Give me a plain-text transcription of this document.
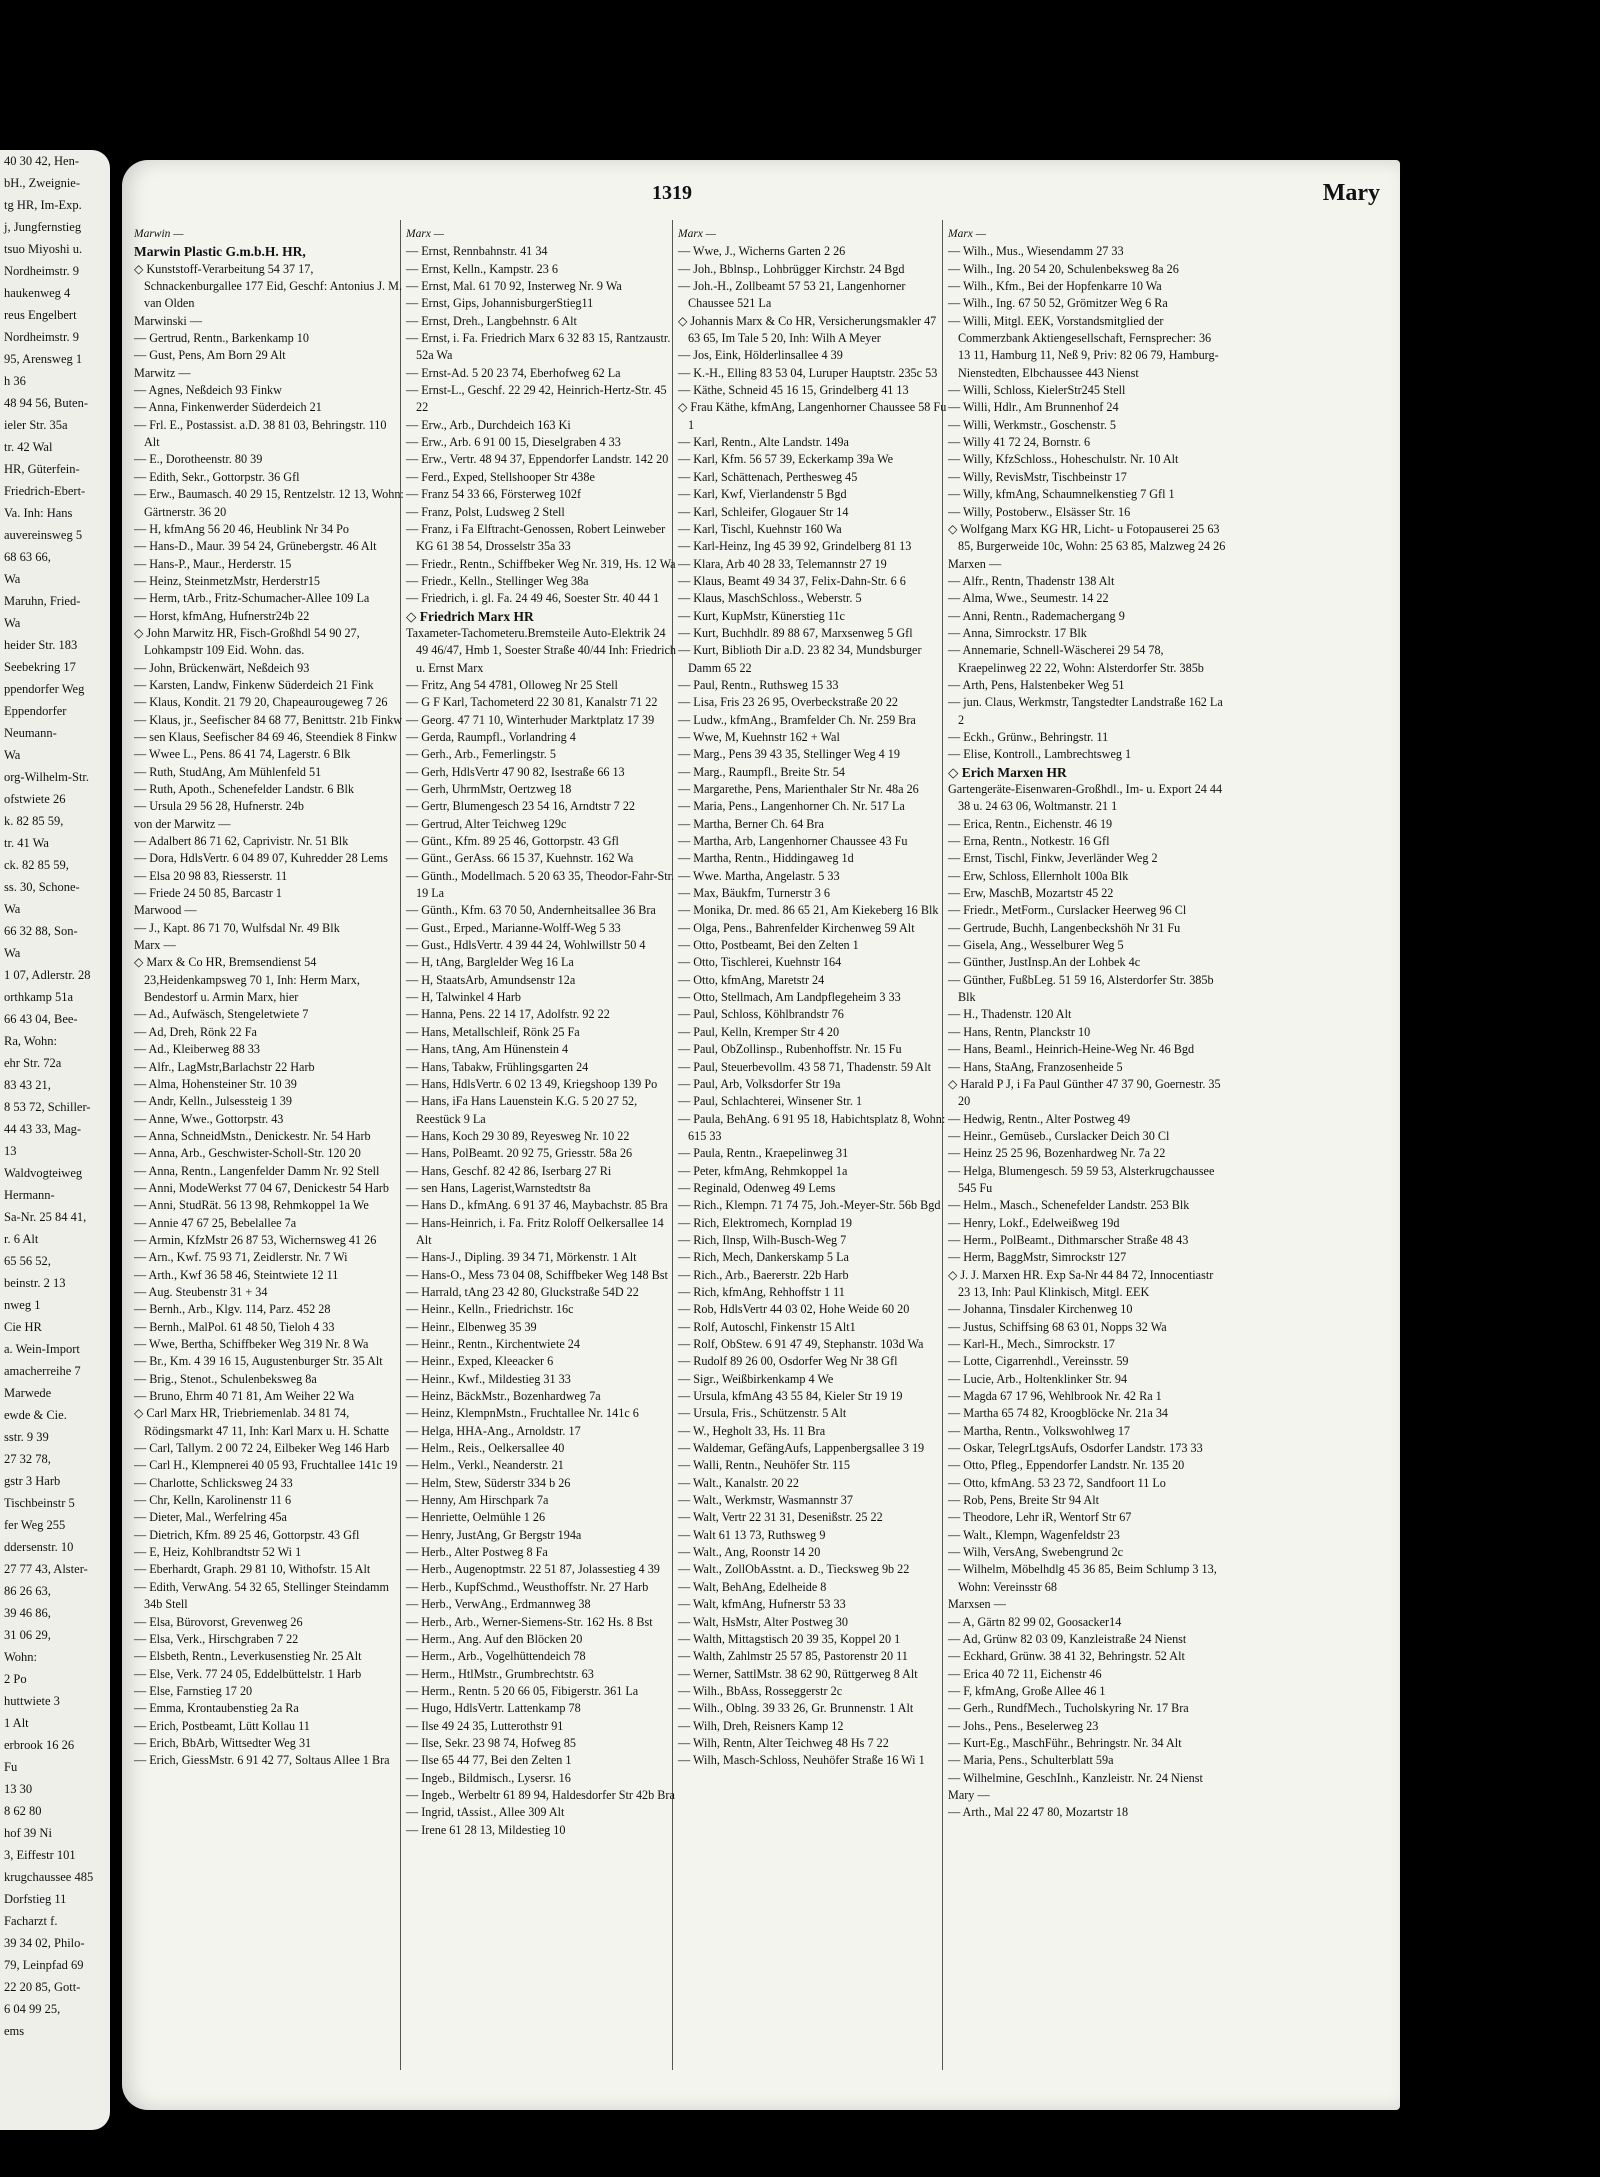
40 30 42, Hen-
bH., Zweignie-
tg HR, Im-Exp.
j, Jungfernstieg
tsuo Miyoshi u.
Nordheimstr. 9
haukenweg 4
reus Engelbert
Nordheimstr. 9
95, Arensweg 1
h 36
48 94 56, Buten-
ieler Str. 35a
tr. 42 Wal
HR, Güterfein-
Friedrich-Ebert-
Va. Inh: Hans
auvereinsweg 5
68 63 66,
Wa
Maruhn, Fried-
Wa
heider Str. 183
Seebekring 17
ppendorfer Weg
Eppendorfer
Neumann-
Wa
org-Wilhelm-Str.
ofstwiete 26
k. 82 85 59,
tr. 41 Wa
ck. 82 85 59,
ss. 30, Schone-
Wa
66 32 88, Son-
Wa
1 07, Adlerstr. 28
orthkamp 51a
66 43 04, Bee-
Ra, Wohn:
ehr Str. 72a
83 43 21,
8 53 72, Schiller-
44 43 33, Mag-
13
Waldvogteiweg
Hermann-
Sa-Nr. 25 84 41,
r. 6 Alt
65 56 52,
beinstr. 2 13
nweg 1
Cie HR
a. Wein-Import
amacherreihe 7
Marwede
ewde & Cie.
sstr. 9 39
27 32 78,
gstr 3 Harb
Tischbeinstr 5
fer Weg 255
ddersenstr. 10
27 77 43, Alster-
86 26 63,
39 46 86,
31 06 29,
Wohn:
2 Po
huttwiete 3
1 Alt
erbrook 16 26
Fu
13 30
8 62 80
hof 39 Ni
3, Eiffestr 101
krugchaussee 485
Dorfstieg 11
Facharzt f.
39 34 02, Philo-
79, Leinpfad 69
22 20 85, Gott-
6 04 99 25,
ems
1319	Mary
Marwin —
Marwin Plastic G.m.b.H. HR,
◇ Kunststoff-Verarbeitung 54 37 17, Schnackenburgallee 177 Eid, Geschf: Antonius J. M. van Olden
Marwinski —
— Gertrud, Rentn., Barkenkamp 10
— Gust, Pens, Am Born 29 Alt
Marwitz —
— Agnes, Neßdeich 93 Finkw
— Anna, Finkenwerder Süderdeich 21
— Frl. E., Postassist. a.D. 38 81 03, Behringstr. 110 Alt
— E., Dorotheenstr. 80 39
— Edith, Sekr., Gottorpstr. 36 Gfl
— Erw., Baumasch. 40 29 15, Rentzelstr. 12 13, Wohn: Gärtnerstr. 36 20
— H, kfmAng 56 20 46, Heublink Nr 34 Po
— Hans-D., Maur. 39 54 24, Grünebergstr. 46 Alt
— Hans-P., Maur., Herderstr. 15
— Heinz, SteinmetzMstr, Herderstr15
— Herm, tArb., Fritz-Schumacher-Allee 109 La
— Horst, kfmAng, Hufnerstr24b 22
◇ John Marwitz HR, Fisch-Großhdl 54 90 27, Lohkampstr 109 Eid. Wohn. das.
— John, Brückenwärt, Neßdeich 93
— Karsten, Landw, Finkenw Süderdeich 21 Fink
— Klaus, Kondit. 21 79 20, Chapeaurougeweg 7 26
— Klaus, jr., Seefischer 84 68 77, Benittstr. 21b Finkw
— sen Klaus, Seefischer 84 69 46, Steendiek 8 Finkw
— Wwee L., Pens. 86 41 74, Lagerstr. 6 Blk
— Ruth, StudAng, Am Mühlenfeld 51
— Ruth, Apoth., Schenefelder Landstr. 6 Blk
— Ursula 29 56 28, Hufnerstr. 24b
von der Marwitz —
— Adalbert 86 71 62, Caprivistr. Nr. 51 Blk
— Dora, HdlsVertr. 6 04 89 07, Kuhredder 28 Lems
— Elsa 20 98 83, Riesserstr. 11
— Friede 24 50 85, Barcastr 1
Marwood —
— J., Kapt. 86 71 70, Wulfsdal Nr. 49 Blk
Marx —
◇ Marx & Co HR, Bremsendienst 54 23,Heidenkampsweg 70 1, Inh: Herm Marx, Bendestorf u. Armin Marx, hier
— Ad., Aufwäsch, Stengeletwiete 7
— Ad, Dreh, Rönk 22 Fa
— Ad., Kleiberweg 88 33
— Alfr., LagMstr,Barlachstr 22 Harb
— Alma, Hohensteiner Str. 10 39
— Andr, Kelln., Julsessteig 1 39
— Anne, Wwe., Gottorpstr. 43
— Anna, SchneidMstn., Denickestr. Nr. 54 Harb
— Anna, Arb., Geschwister-Scholl-Str. 120 20
— Anna, Rentn., Langenfelder Damm Nr. 92 Stell
— Anni, ModeWerkst 77 04 67, Denickestr 54 Harb
— Anni, StudRät. 56 13 98, Rehmkoppel 1a We
— Annie 47 67 25, Bebelallee 7a
— Armin, KfzMstr 26 87 53, Wichernsweg 41 26
— Arn., Kwf. 75 93 71, Zeidlerstr. Nr. 7 Wi
— Arth., Kwf 36 58 46, Steintwiete 12 11
— Aug. Steubenstr 31 + 34
— Bernh., Arb., Klgv. 114, Parz. 452 28
— Bernh., MalPol. 61 48 50, Tieloh 4 33
— Wwe, Bertha, Schiffbeker Weg 319 Nr. 8 Wa
— Br., Km. 4 39 16 15, Augustenburger Str. 35 Alt
— Brig., Stenot., Schulenbeksweg 8a
— Bruno, Ehrm 40 71 81, Am Weiher 22 Wa
◇ Carl Marx HR, Triebriemenlab. 34 81 74, Rödingsmarkt 47 11, Inh: Karl Marx u. H. Schatte
— Carl, Tallym. 2 00 72 24, Eilbeker Weg 146 Harb
— Carl H., Klempnerei 40 05 93, Fruchtallee 141c 19
— Charlotte, Schlicksweg 24 33
— Chr, Kelln, Karolinenstr 11 6
— Dieter, Mal., Werfelring 45a
— Dietrich, Kfm. 89 25 46, Gottorpstr. 43 Gfl
— E, Heiz, Kohlbrandtstr 52 Wi 1
— Eberhardt, Graph. 29 81 10, Withofstr. 15 Alt
— Edith, VerwAng. 54 32 65, Stellinger Steindamm 34b Stell
— Elsa, Bürovorst, Grevenweg 26
— Elsa, Verk., Hirschgraben 7 22
— Elsbeth, Rentn., Leverkusenstieg Nr. 25 Alt
— Else, Verk. 77 24 05, Eddelbüttelstr. 1 Harb
— Else, Farnstieg 17 20
— Emma, Krontaubenstieg 2a Ra
— Erich, Postbeamt, Lütt Kollau 11
— Erich, BbArb, Wittsedter Weg 31
— Erich, GiessMstr. 6 91 42 77, Soltaus Allee 1 Bra
Marx —
— Ernst, Rennbahnstr. 41 34
— Ernst, Kelln., Kampstr. 23 6
— Ernst, Mal. 61 70 92, Insterweg Nr. 9 Wa
— Ernst, Gips, JohannisburgerStieg11
— Ernst, Dreh., Langbehnstr. 6 Alt
— Ernst, i. Fa. Friedrich Marx 6 32 83 15, Rantzaustr. 52a Wa
— Ernst-Ad. 5 20 23 74, Eberhofweg 62 La
— Ernst-L., Geschf. 22 29 42, Heinrich-Hertz-Str. 45 22
— Erw., Arb., Durchdeich 163 Ki
— Erw., Arb. 6 91 00 15, Dieselgraben 4 33
— Erw., Vertr. 48 94 37, Eppendorfer Landstr. 142 20
— Ferd., Exped, Stellshooper Str 438e
— Franz 54 33 66, Försterweg 102f
— Franz, Polst, Ludsweg 2 Stell
— Franz, i Fa Elftracht-Genossen, Robert Leinweber KG 61 38 54, Drosselstr 35a 33
— Friedr., Rentn., Schiffbeker Weg Nr. 319, Hs. 12 Wa
— Friedr., Kelln., Stellinger Weg 38a
— Friedrich, i. gl. Fa. 24 49 46, Soester Str. 40 44 1
◇ Friedrich Marx HR
Taxameter-Tachometeru.Bremsteile Auto-Elektrik 24 49 46/47, Hmb 1, Soester Straße 40/44 Inh: Friedrich u. Ernst Marx
— Fritz, Ang 54 4781, Olloweg Nr 25 Stell
— G F Karl, Tachometerd 22 30 81, Kanalstr 71 22
— Georg. 47 71 10, Winterhuder Marktplatz 17 39
— Gerda, Raumpfl., Vorlandring 4
— Gerh., Arb., Femerlingstr. 5
— Gerh, HdlsVertr 47 90 82, Isestraße 66 13
— Gerh, UhrmMstr, Oertzweg 18
— Gertr, Blumengesch 23 54 16, Arndtstr 7 22
— Gertrud, Alter Teichweg 129c
— Günt., Kfm. 89 25 46, Gottorpstr. 43 Gfl
— Günt., GerAss. 66 15 37, Kuehnstr. 162 Wa
— Günth., Modellmach. 5 20 63 35, Theodor-Fahr-Str. 19 La
— Günth., Kfm. 63 70 50, Andernheitsallee 36 Bra
— Gust., Erped., Marianne-Wolff-Weg 5 33
— Gust., HdlsVertr. 4 39 44 24, Wohlwillstr 50 4
— H, tAng, Barglelder Weg 16 La
— H, StaatsArb, Amundsenstr 12a
— H, Talwinkel 4 Harb
— Hanna, Pens. 22 14 17, Adolfstr. 92 22
— Hans, Metallschleif, Rönk 25 Fa
— Hans, tAng, Am Hünenstein 4
— Hans, Tabakw, Frühlingsgarten 24
— Hans, HdlsVertr. 6 02 13 49, Kriegshoop 139 Po
— Hans, iFa Hans Lauenstein K.G. 5 20 27 52, Reestück 9 La
— Hans, Koch 29 30 89, Reyesweg Nr. 10 22
— Hans, PolBeamt. 20 92 75, Griesstr. 58a 26
— Hans, Geschf. 82 42 86, Iserbarg 27 Ri
— sen Hans, Lagerist,Warnstedtstr 8a
— Hans D., kfmAng. 6 91 37 46, Maybachstr. 85 Bra
— Hans-Heinrich, i. Fa. Fritz Roloff Oelkersallee 14 Alt
— Hans-J., Dipling. 39 34 71, Mörkenstr. 1 Alt
— Hans-O., Mess 73 04 08, Schiffbeker Weg 148 Bst
— Harrald, tAng 23 42 80, Gluckstraße 54D 22
— Heinr., Kelln., Friedrichstr. 16c
— Heinr., Elbenweg 35 39
— Heinr., Rentn., Kirchentwiete 24
— Heinr., Exped, Kleeacker 6
— Heinr., Kwf., Mildestieg 31 33
— Heinz, BäckMstr., Bozenhardweg 7a
— Heinz, KlempnMstn., Fruchtallee Nr. 141c 6
— Helga, HHA-Ang., Arnoldstr. 17
— Helm., Reis., Oelkersallee 40
— Helm., Verkl., Neanderstr. 21
— Helm, Stew, Süderstr 334 b 26
— Henny, Am Hirschpark 7a
— Henriette, Oelmühle 1 26
— Henry, JustAng, Gr Bergstr 194a
— Herb., Alter Postweg 8 Fa
— Herb., Augenoptmstr. 22 51 87, Jolassestieg 4 39
— Herb., KupfSchmd., Weusthoffstr. Nr. 27 Harb
— Herb., VerwAng., Erdmannweg 38
— Herb., Arb., Werner-Siemens-Str. 162 Hs. 8 Bst
— Herm., Ang. Auf den Blöcken 20
— Herm., Arb., Vogelhüttendeich 78
— Herm., HtlMstr., Grumbrechtstr. 63
— Herm., Rentn. 5 20 66 05, Fibigerstr. 361 La
— Hugo, HdlsVertr. Lattenkamp 78
— Ilse 49 24 35, Lutterothstr 91
— Ilse, Sekr. 23 98 74, Hofweg 85
— Ilse 65 44 77, Bei den Zelten 1
— Ingeb., Bildmisch., Lysersr. 16
— Ingeb., Werbeltr 61 89 94, Haldesdorfer Str 42b Bra
— Ingrid, tAssist., Allee 309 Alt
— Irene 61 28 13, Mildestieg 10
Marx —
— Wwe, J., Wicherns Garten 2 26
— Joh., Bblnsp., Lohbrügger Kirchstr. 24 Bgd
— Joh.-H., Zollbeamt 57 53 21, Langenhorner Chaussee 521 La
◇ Johannis Marx & Co HR, Versicherungsmakler 47 63 65, Im Tale 5 20, Inh: Wilh A Meyer
— Jos, Eink, Hölderlinsallee 4 39
— K.-H., Elling 83 53 04, Luruper Hauptstr. 235c 53
— Käthe, Schneid 45 16 15, Grindelberg 41 13
◇ Frau Käthe, kfmAng, Langenhorner Chaussee 58 Fu 1
— Karl, Rentn., Alte Landstr. 149a
— Karl, Kfm. 56 57 39, Eckerkamp 39a We
— Karl, Schättenach, Perthesweg 45
— Karl, Kwf, Vierlandenstr 5 Bgd
— Karl, Schleifer, Glogauer Str 14
— Karl, Tischl, Kuehnstr 160 Wa
— Karl-Heinz, Ing 45 39 92, Grindelberg 81 13
— Klara, Arb 40 28 33, Telemannstr 27 19
— Klaus, Beamt 49 34 37, Felix-Dahn-Str. 6 6
— Klaus, MaschSchloss., Weberstr. 5
— Kurt, KupMstr, Künerstieg 11c
— Kurt, Buchhdlr. 89 88 67, Marxsenweg 5 Gfl
— Kurt, Biblioth Dir a.D. 23 82 34, Mundsburger Damm 65 22
— Paul, Rentn., Ruthsweg 15 33
— Lisa, Fris 23 26 95, Overbeckstraße 20 22
— Ludw., kfmAng., Bramfelder Ch. Nr. 259 Bra
— Wwe, M, Kuehnstr 162 + Wal
— Marg., Pens 39 43 35, Stellinger Weg 4 19
— Marg., Raumpfl., Breite Str. 54
— Margarethe, Pens, Marienthaler Str Nr. 48a 26
— Maria, Pens., Langenhorner Ch. Nr. 517 La
— Martha, Berner Ch. 64 Bra
— Martha, Arb, Langenhorner Chaussee 43 Fu
— Martha, Rentn., Hiddingaweg 1d
— Wwe. Martha, Angelastr. 5 33
— Max, Bäukfm, Turnerstr 3 6
— Monika, Dr. med. 86 65 21, Am Kiekeberg 16 Blk
— Olga, Pens., Bahrenfelder Kirchenweg 59 Alt
— Otto, Postbeamt, Bei den Zelten 1
— Otto, Tischlerei, Kuehnstr 164
— Otto, kfmAng, Maretstr 24
— Otto, Stellmach, Am Landpflegeheim 3 33
— Paul, Schloss, Köhlbrandstr 76
— Paul, Kelln, Kremper Str 4 20
— Paul, ObZollinsp., Rubenhoffstr. Nr. 15 Fu
— Paul, Steuerbevollm. 43 58 71, Thadenstr. 59 Alt
— Paul, Arb, Volksdorfer Str 19a
— Paul, Schlachterei, Winsener Str. 1
— Paula, BehAng. 6 91 95 18, Habichtsplatz 8, Wohn: 615 33
— Paula, Rentn., Kraepelinweg 31
— Peter, kfmAng, Rehmkoppel 1a
— Reginald, Odenweg 49 Lems
— Rich., Klempn. 71 74 75, Joh.-Meyer-Str. 56b Bgd
— Rich, Elektromech, Kornplad 19
— Rich, Ilnsp, Wilh-Busch-Weg 7
— Rich, Mech, Dankerskamp 5 La
— Rich., Arb., Baererstr. 22b Harb
— Rich, kfmAng, Rehhoffstr 1 11
— Rob, HdlsVertr 44 03 02, Hohe Weide 60 20
— Rolf, Autoschl, Finkenstr 15 Alt1
— Rolf, ObStew. 6 91 47 49, Stephanstr. 103d Wa
— Rudolf 89 26 00, Osdorfer Weg Nr 38 Gfl
— Sigr., Weißbirkenkamp 4 We
— Ursula, kfmAng 43 55 84, Kieler Str 19 19
— Ursula, Fris., Schützenstr. 5 Alt
— W., Hegholt 33, Hs. 11 Bra
— Waldemar, GefängAufs, Lappenbergsallee 3 19
— Walli, Rentn., Neuhöfer Str. 115
— Walt., Kanalstr. 20 22
— Walt., Werkmstr, Wasmannstr 37
— Walt, Vertr 22 31 31, Desenißstr. 25 22
— Walt 61 13 73, Ruthsweg 9
— Walt., Ang, Roonstr 14 20
— Walt., ZollObAsstnt. a. D., Tiecksweg 9b 22
— Walt, BehAng, Edelheide 8
— Walt, kfmAng, Hufnerstr 53 33
— Walt, HsMstr, Alter Postweg 30
— Walth, Mittagstisch 20 39 35, Koppel 20 1
— Walth, Zahlmstr 25 57 85, Pastorenstr 20 11
— Werner, SattlMstr. 38 62 90, Rüttgerweg 8 Alt
— Wilh., BbAss, Rosseggerstr 2c
— Wilh., Oblng. 39 33 26, Gr. Brunnenstr. 1 Alt
— Wilh, Dreh, Reisners Kamp 12
— Wilh, Rentn, Alter Teichweg 48 Hs 7 22
— Wilh, Masch-Schloss, Neuhöfer Straße 16 Wi 1
Marx —
— Wilh., Mus., Wiesendamm 27 33
— Wilh., Ing. 20 54 20, Schulenbeksweg 8a 26
— Wilh., Kfm., Bei der Hopfenkarre 10 Wa
— Wilh., Ing. 67 50 52, Grömitzer Weg 6 Ra
— Willi, Mitgl. EEK, Vorstandsmitglied der Commerzbank Aktiengesellschaft, Fernsprecher: 36 13 11, Hamburg 11, Neß 9, Priv: 82 06 79, Hamburg-Nienstedten, Elbchaussee 443 Nienst
— Willi, Schloss, KielerStr245 Stell
— Willi, Hdlr., Am Brunnenhof 24
— Willi, Werkmstr., Goschenstr. 5
— Willy 41 72 24, Bornstr. 6
— Willy, KfzSchloss., Hoheschulstr. Nr. 10 Alt
— Willy, RevisMstr, Tischbeinstr 17
— Willy, kfmAng, Schaumnelkenstieg 7 Gfl 1
— Willy, Postoberw., Elsässer Str. 16
◇ Wolfgang Marx KG HR, Licht- u Fotopauserei 25 63 85, Burgerweide 10c, Wohn: 25 63 85, Malzweg 24 26
Marxen —
— Alfr., Rentn, Thadenstr 138 Alt
— Alma, Wwe., Seumestr. 14 22
— Anni, Rentn., Rademachergang 9
— Anna, Simrockstr. 17 Blk
— Annemarie, Schnell-Wäscherei 29 54 78, Kraepelinweg 22 22, Wohn: Alsterdorfer Str. 385b
— Arth, Pens, Halstenbeker Weg 51
— jun. Claus, Werkmstr, Tangstedter Landstraße 162 La 2
— Eckh., Grünw., Behringstr. 11
— Elise, Kontroll., Lambrechtsweg 1
◇ Erich Marxen HR
Gartengeräte-Eisenwaren-Großhdl., Im- u. Export 24 44 38 u. 24 63 06, Woltmanstr. 21 1
— Erica, Rentn., Eichenstr. 46 19
— Erna, Rentn., Notkestr. 16 Gfl
— Ernst, Tischl, Finkw, Jeverländer Weg 2
— Erw, Schloss, Ellernholt 100a Blk
— Erw, MaschB, Mozartstr 45 22
— Friedr., MetForm., Curslacker Heerweg 96 Cl
— Gertrude, Buchh, Langenbeckshöh Nr 31 Fu
— Gisela, Ang., Wesselburer Weg 5
— Günther, JustInsp.An der Lohbek 4c
— Günther, FußbLeg. 51 59 16, Alsterdorfer Str. 385b Blk
— H., Thadenstr. 120 Alt
— Hans, Rentn, Planckstr 10
— Hans, Beaml., Heinrich-Heine-Weg Nr. 46 Bgd
— Hans, StaAng, Franzosenheide 5
◇ Harald P J, i Fa Paul Günther 47 37 90, Goernestr. 35 20
— Hedwig, Rentn., Alter Postweg 49
— Heinr., Gemüseb., Curslacker Deich 30 Cl
— Heinz 25 25 96, Bozenhardweg Nr. 7a 22
— Helga, Blumengesch. 59 59 53, Alsterkrugchaussee 545 Fu
— Helm., Masch., Schenefelder Landstr. 253 Blk
— Henry, Lokf., Edelweißweg 19d
— Herm., PolBeamt., Dithmarscher Straße 48 43
— Herm, BaggMstr, Simrockstr 127
◇ J. J. Marxen HR. Exp Sa-Nr 44 84 72, Innocentiastr 23 13, Inh: Paul Klinkisch, Mitgl. EEK
— Johanna, Tinsdaler Kirchenweg 10
— Justus, Schiffsing 68 63 01, Nopps 32 Wa
— Karl-H., Mech., Simrockstr. 17
— Lotte, Cigarrenhdl., Vereinsstr. 59
— Lucie, Arb., Holtenklinker Str. 94
— Magda 67 17 96, Wehlbrook Nr. 42 Ra 1
— Martha 65 74 82, Kroogblöcke Nr. 21a 34
— Martha, Rentn., Volkswohlweg 17
— Oskar, TelegrLtgsAufs, Osdorfer Landstr. 173 33
— Otto, Pfleg., Eppendorfer Landstr. Nr. 135 20
— Otto, kfmAng. 53 23 72, Sandfoort 11 Lo
— Rob, Pens, Breite Str 94 Alt
— Theodore, Lehr iR, Wentorf Str 67
— Walt., Klempn, Wagenfeldstr 23
— Wilh, VersAng, Swebengrund 2c
— Wilhelm, Möbelhdlg 45 36 85, Beim Schlump 3 13, Wohn: Vereinsstr 68
Marxsen —
— A, Gärtn 82 99 02, Goosacker14
— Ad, Grünw 82 03 09, Kanzleistraße 24 Nienst
— Eckhard, Grünw. 38 41 32, Behringstr. 52 Alt
— Erica 40 72 11, Eichenstr 46
— F, kfmAng, Große Allee 46 1
— Gerh., RundfMech., Tucholskyring Nr. 17 Bra
— Johs., Pens., Beselerweg 23
— Kurt-Eg., MaschFühr., Behringstr. Nr. 34 Alt
— Maria, Pens., Schulterblatt 59a
— Wilhelmine, GeschInh., Kanzleistr. Nr. 24 Nienst
Mary —
— Arth., Mal 22 47 80, Mozartstr 18
